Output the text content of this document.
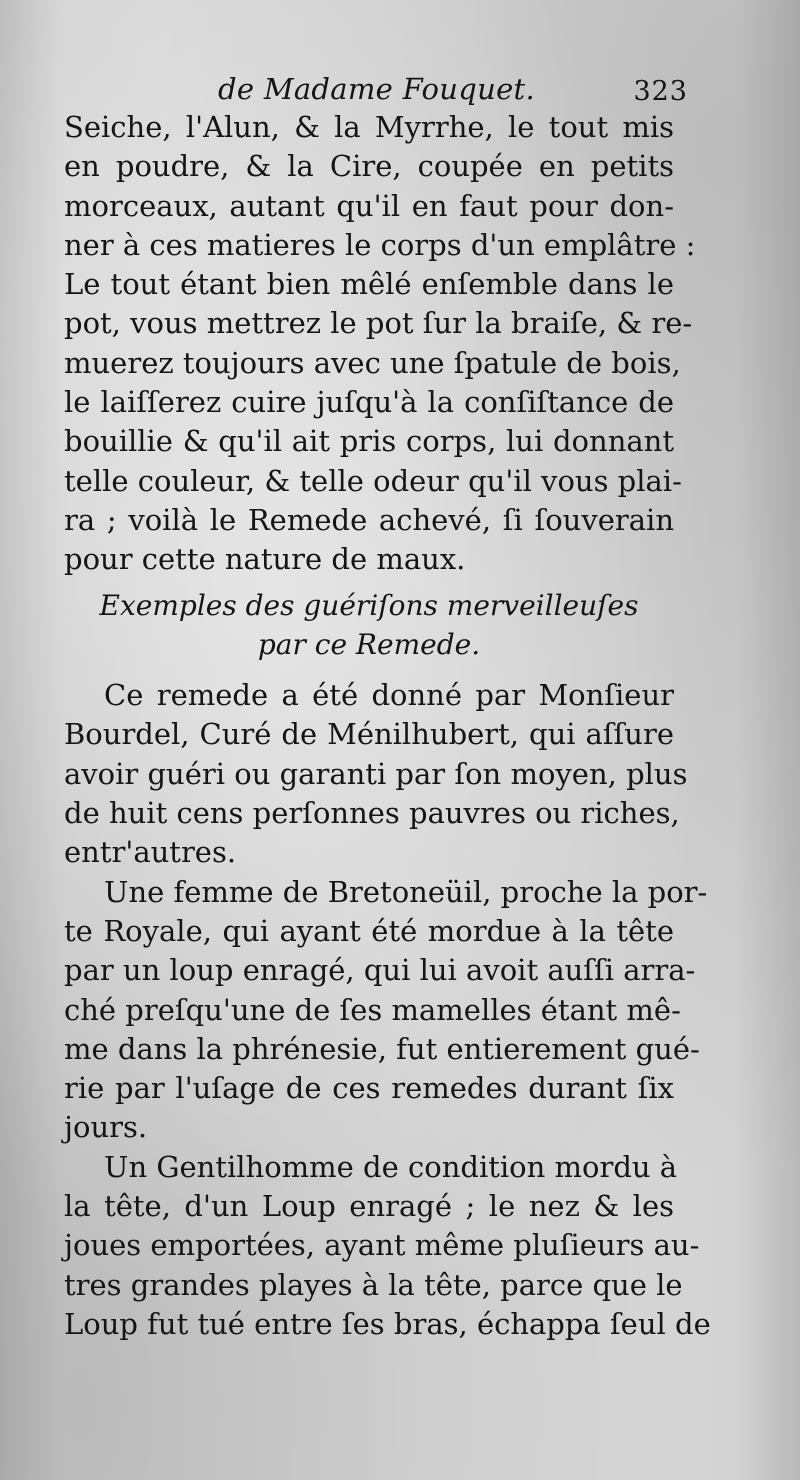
de Madame Fouquet.	323
Seiche, l'Alun, & la Myrrhe, le tout mis
en poudre, & la Cire, coupée en petits
morceaux, autant qu'il en faut pour don-
ner à ces matieres le corps d'un emplâtre :
Le tout étant bien mêlé enſemble dans le
pot, vous mettrez le pot ſur la braiſe, & re-
muerez toujours avec une ſpatule de bois,
le laiſſerez cuire juſqu'à la conſiſtance de
bouillie & qu'il ait pris corps, lui donnant
telle couleur, & telle odeur qu'il vous plai-
ra ; voilà le Remede achevé, ſi ſouverain
pour cette nature de maux.
Exemples des guériſons merveilleuſes
par ce Remede.
Ce remede a été donné par Monſieur
Bourdel, Curé de Ménilhubert, qui aſſure
avoir guéri ou garanti par ſon moyen, plus
de huit cens perſonnes pauvres ou riches,
entr'autres.
Une femme de Bretoneüil, proche la por-
te Royale, qui ayant été mordue à la tête
par un loup enragé, qui lui avoit auſſi arra-
ché preſqu'une de ſes mamelles étant mê-
me dans la phrénesie, fut entierement gué-
rie par l'uſage de ces remedes durant ſix
jours.
Un Gentilhomme de condition mordu à
la tête, d'un Loup enragé ; le nez & les
joues emportées, ayant même pluſieurs au-
tres grandes playes à la tête, parce que le
Loup fut tué entre ſes bras, échappa ſeul de
